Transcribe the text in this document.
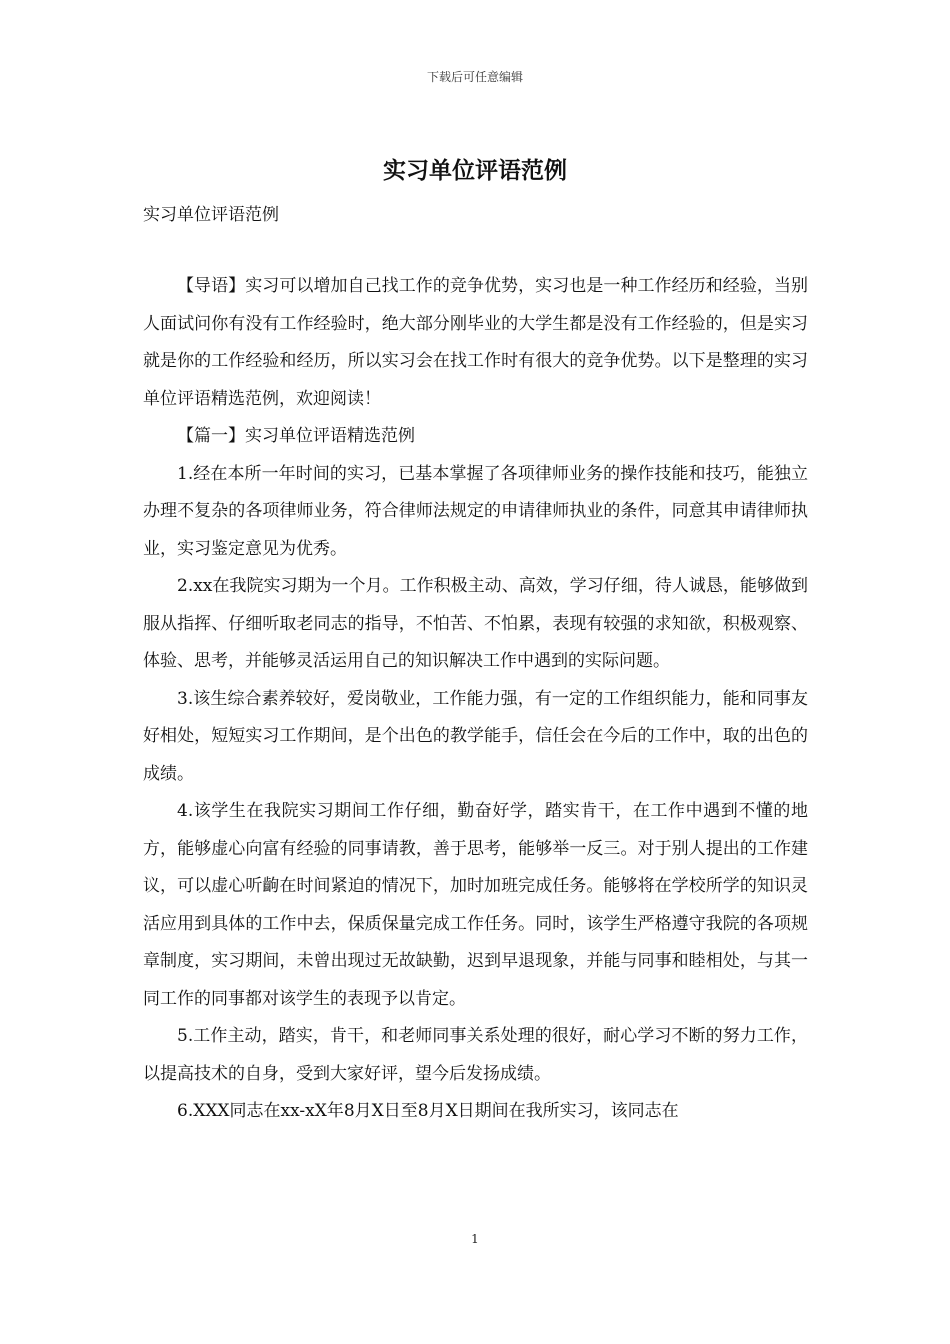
下载后可任意编辑
实习单位评语范例
实习单位评语范例

【导语】实习可以增加自己找工作的竞争优势，实习也是一种工作经历和经验，当别人面试问你有没有工作经验时，绝大部分刚毕业的大学生都是没有工作经验的，但是实习就是你的工作经验和经历，所以实习会在找工作时有很大的竞争优势。以下是整理的实习单位评语精选范例，欢迎阅读！

【篇一】实习单位评语精选范例

1.经在本所一年时间的实习，已基本掌握了各项律师业务的操作技能和技巧，能独立办理不复杂的各项律师业务，符合律师法规定的申请律师执业的条件，同意其申请律师执业，实习鉴定意见为优秀。

2.xx在我院实习期为一个月。工作积极主动、高效，学习仔细，待人诚恳，能够做到服从指挥、仔细听取老同志的指导，不怕苦、不怕累，表现有较强的求知欲，积极观察、体验、思考，并能够灵活运用自己的知识解决工作中遇到的实际问题。

3.该生综合素养较好，爱岗敬业，工作能力强，有一定的工作组织能力，能和同事友好相处，短短实习工作期间，是个出色的教学能手，信任会在今后的工作中，取的出色的成绩。

4.该学生在我院实习期间工作仔细，勤奋好学，踏实肯干，在工作中遇到不懂的地方，能够虚心向富有经验的同事请教，善于思考，能够举一反三。对于别人提出的工作建议，可以虚心听齣在时间紧迫的情况下，加时加班完成任务。能够将在学校所学的知识灵活应用到具体的工作中去，保质保量完成工作任务。同时，该学生严格遵守我院的各项规章制度，实习期间，未曾出现过无故缺勤，迟到早退现象，并能与同事和睦相处，与其一同工作的同事都对该学生的表现予以肯定。

5.工作主动，踏实，肯干，和老师同事关系处理的很好，耐心学习不断的努力工作，以提高技术的自身，受到大家好评，望今后发扬成绩。

6.XXX同志在xx-xX年8月X日至8月X日期间在我所实习，该同志在

1
